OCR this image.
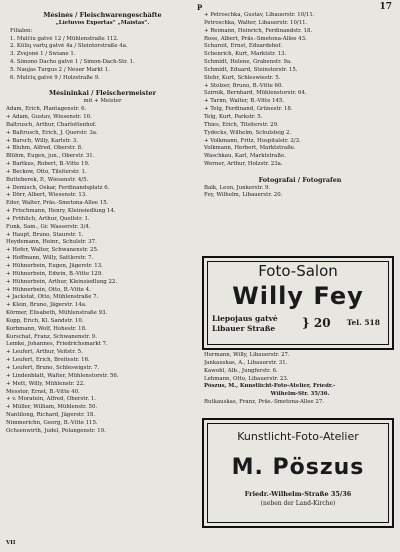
P	17
Mėsinės / Fleischwarengeschäfte
„Lietuvos Exportas“ „Maistas“.
Filialen:
1. Mulčiu gatvė 12 / Mühlenstraße 112.
2. Kūlių vartų gatvė 4a / Steintorstraße 4a.
3. Žvejonė 1 / Swiane 1.
4. Simono Dacho gatvė 1 / Simon-Dach-Str. 1.
5. Naujas Turgus 2 / Neuer Markt 1.
6. Mulčių gatvė 9 / Holzstraße 9.

Mėsininkai / Fleischermeister
mit + Meister
Adam, Erich, Plantagenstr. 6.
+ Adam, Gustav, Wiesenstr. 10.
Baltrusch, Arthur, Charlottenhof.
+ Baltrusch, Erich, J. Querstr. 3a.
+ Barsch, Willy, Karlstr. 3.
+ Bluhm, Alfred, Oberstr. 8.
Blühm, Eugen, jun., Oberstr. 31.
+ Bartkus, Robert, B.-Vitte 19.
+ Beckow, Otto, Tilsiterstr. 1.
Butteberek, P., Wiesenstr. 4/5.
+ Demisch, Oskar, Ferdinandsplatz 6.
+ Dörr, Albert, Wiesenstr. 13.
Eder, Walter, Präs.-Smetona-Allee 15.
+ Frischmann, Henry, Kleinsiedlung 14.
+ Fröhlich, Arthur, Quellstr. 1.
Funk, Sam., Gr. Wasserstr. 3/4.
+ Haupt, Bruno, Staurstr. 1.
Heydemann, Heinr., Schulstr. 37.
+ Hofer, Walter, Schwanenstr. 25.
+ Hoffmann, Willy, Sattlerstr. 7.
+ Hühnerbein, Eugen, Jägerstr. 13.
+ Hühnerbein, Edwin, B.-Vitte 129.
+ Hühnerbein, Arthur, Kleinsiedlung 22.
+ Hühnerbein, Otto, B.-Vitte 4.
+ Jackstat, Otto, Mühlenstraße 7.
+ Klein, Bruno, Jägerstr. 14a.
Körmer, Elisabeth, Mühlenstraße 93.
Kopp, Erich, Kl. Sandstr. 10.
Korbmann, Wolf, Hohestr. 18.
Kurschat, Franz, Schwanenstr. 9.
Lemke, Johannes, Friedrichsmarkt 7.
+ Leufert, Arthur, Veitstr. 5.
+ Leufert, Erich, Breitestr. 16.
+ Leufert, Bruno, Schleswigstr. 7.
+ Lindenblatt, Walter, Mühlenstorstr. 56.
+ Mett, Willy, Mühlenstr. 22.
Messtor, Ernst, B.-Vitte 40.
+ v. Moratein, Alfred, Oberstr. 1.
+ Müller, William, Mühlenstr. 50.
Nantilong, Richard, Jägerstr. 18.
Nimmerichn, Georg, B.-Vitte 115.
Ochsenwirth, Judel, Polangenstr. 19.
+ Petroschka, Gustav, Libauerstr. 10/11.
Petroschka, Walter, Libauerstr. 10/11.
+ Reimann, Heinrich, Ferdinandstr. 18.
Rose, Albert, Präs.-Smetona-Allee 43.
Schareit, Ernst, Eduardshof.
Schenrich, Kurt, Marktstr. 13.
Schmidt, Helene, Grabenstr. 9a.
Schmidt, Eduard, Steinstorstr. 15.
Stehr, Kurt, Schleswiestr. 5.
+ Stolzer, Bruno, B.-Vitte 60.
Szirnik, Bernhard, Mühlenstorstr. 64.
+ Tarim, Walter, B.-Vitte 145.
+ Telg, Ferdinand, Grünestr. 18.
Telg, Kurt, Parkstr. 5.
Thies, Erich, Tilsiterstr. 29.
Tydecks, Wilhelm, Schulsteig 2.
+ Volkmann, Fritz, Hospitalstr. 2/3.
Volkmann, Herbert, Marktstraße.
Waschkau, Karl, Marktstraße.
Werner, Arthur, Holzstr. 23a.

Fotografai / Fotografen
Balk, Leon, Junkerstr. 9.
Fey, Wilhelm, Libauerstr. 20.
Foto-Salon
Willy Fey
Liepojaus gatvė
Libauer Straße } 20 Tel. 518
Hermann, Willy, Libauerstr. 27.
Jankauskas, A., Libauerstr. 31.
Kawohl, Alb., Jungferstr. 6.
Lehmann, Otto, Libauerstr. 23.
Pöszus, M., Kunstlicht-Foto-Atelier, Friedr.-
Wilhelm-Str. 35/36.
Rutkauskas, Franz, Präs.-Smetona-Allee 27.
Kunstlicht-Foto-Atelier
M. Pöszus
Friedr.-Wilhelm-Straße 35/36
(neben der Land-Kirche)
VII
